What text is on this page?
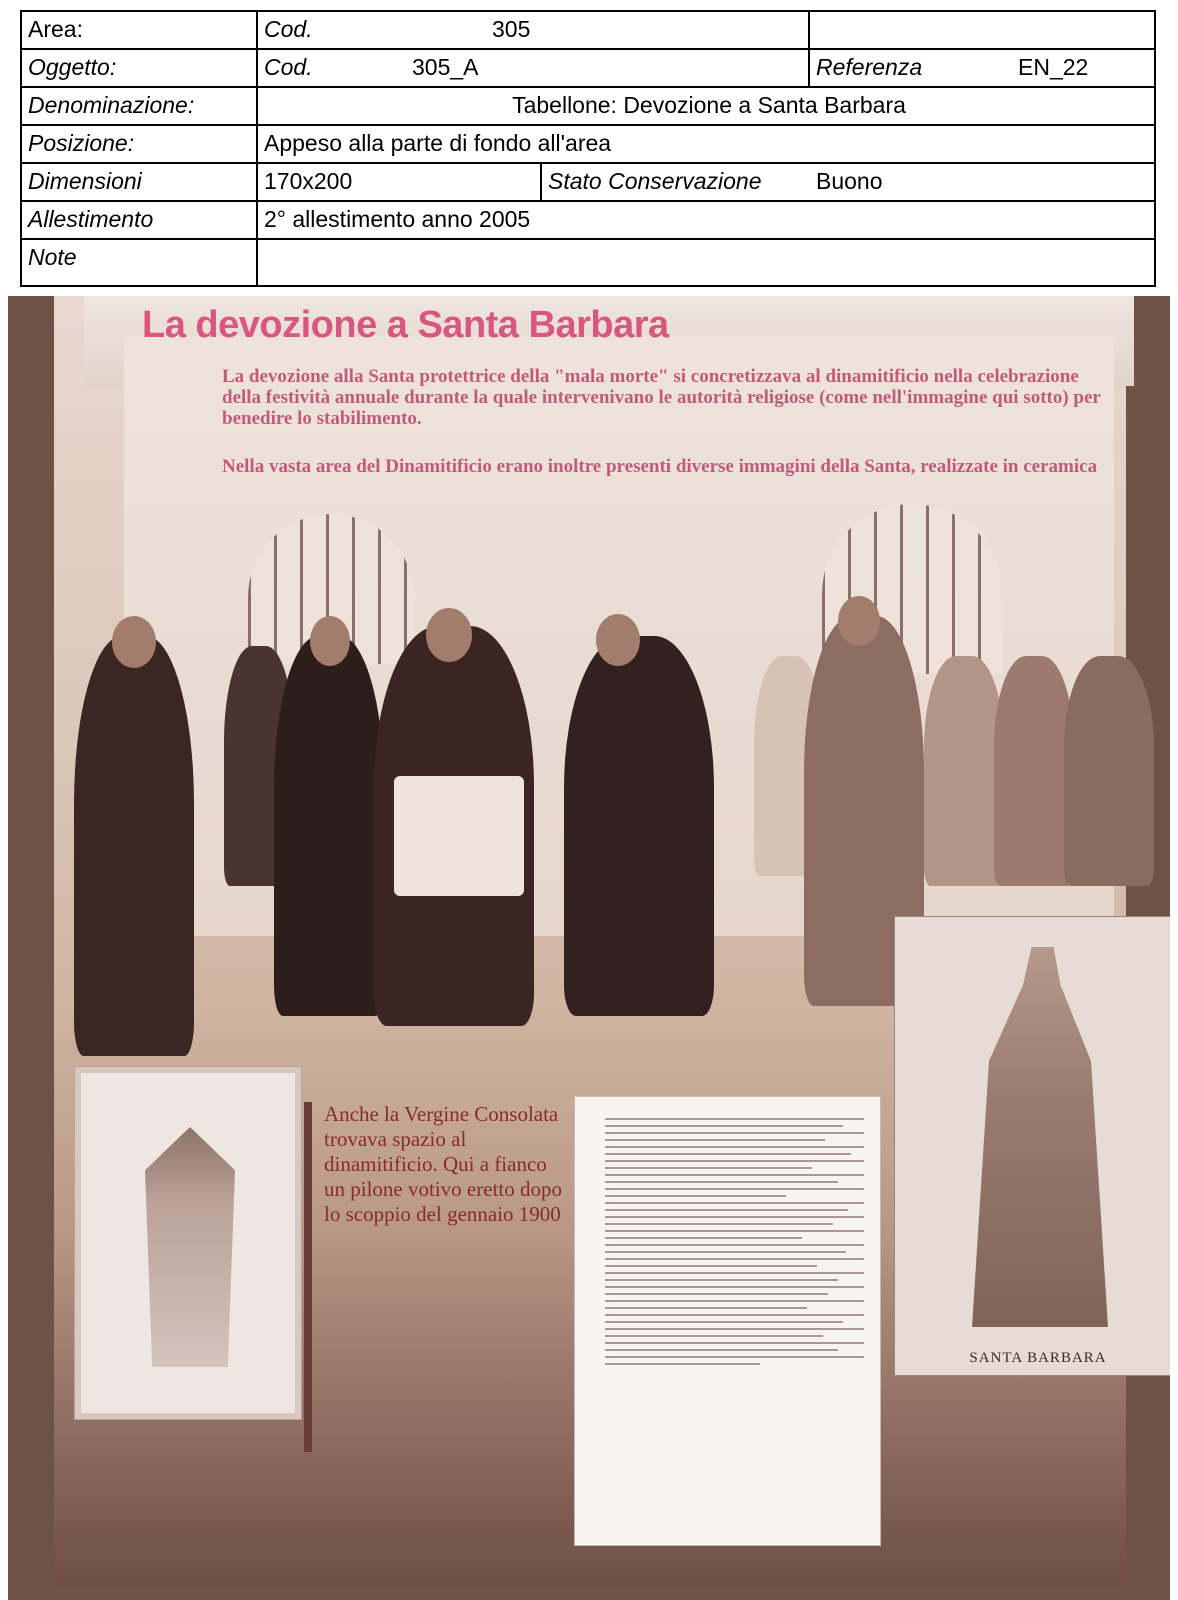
Area:	Cod.	305
Oggetto:	Cod.	305_A	Referenza	EN_22
Denominazione:	Tabellone: Devozione a Santa Barbara
Posizione:	Appeso alla parte di fondo all'area
Dimensioni	170x200	Stato Conservazione	Buono
Allestimento	2° allestimento anno 2005
Note
La devozione a Santa Barbara

La devozione alla Santa protettrice della "mala morte" si concretizzava al dinamitificio nella celebrazione della festività annuale durante la quale intervenivano le autorità religiose (come nell'immagine qui sotto) per benedire lo stabilimento.

Nella vasta area del Dinamitificio erano inoltre presenti diverse immagini della Santa, realizzate in ceramica

Anche la Vergine Consolata trovava spazio al dinamitificio. Qui a fianco un pilone votivo eretto dopo lo scoppio del gennaio 1900

SANTA BARBARA
